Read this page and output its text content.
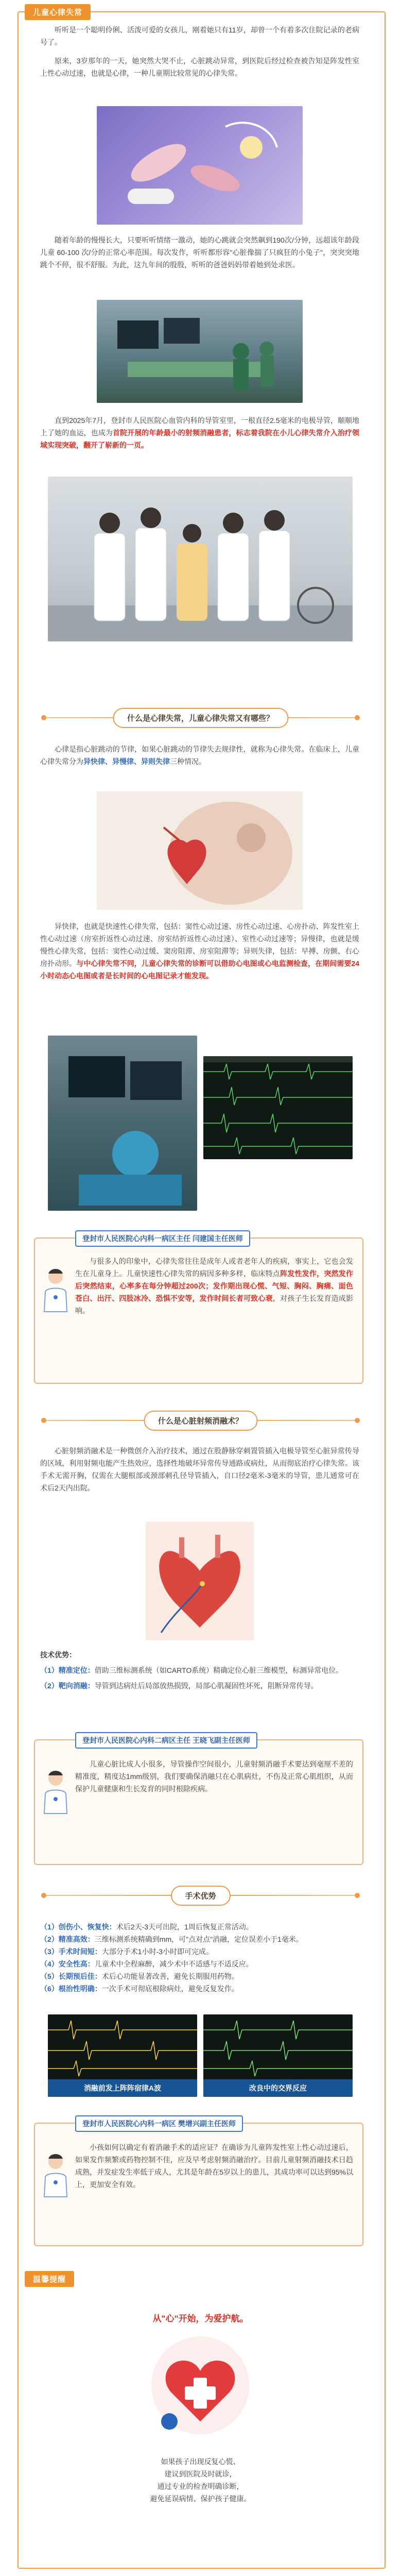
儿童心律失常

听听是一个聪明伶俐、活泼可爱的女孩儿，刚着她只有11岁，却曾一个有着多次住院记录的老病号了。

原来，3岁那年的一天，她突然大哭不止，心脏跳动异常，到医院后经过检查被告知是阵发性室上性心动过速，也就是心律，一种儿童期比较常见的心律失常。

随着年龄的慢慢长大，只要听听情绪一激动，她的心跳就会突然飙到190次/分钟，远超该年龄段儿童 60-100 次/分的正常心率范围。每次发作，听听都形容"心脏像揣了只疯狂的小兔子"，突突突地跳个不停，很不舒服。为此，这九年间的殷殷，听听的爸爸妈妈带着她到处求医。

直到2025年7月，登封市人民医院心血管内科的导管室里，一根直径2.5毫米的电极导管，顺顺地上了她的血运，也成为首院开展的年龄最小的射频消融患者，标志着我院在小儿心律失常介入治疗领域实现突破，翻开了崭新的一页。

什么是心律失常，儿童心律失常又有哪些？

心律是指心脏跳动的节律，如果心脏跳动的节律失去规律性，就称为心律失常。在临床上，儿童心律失常分为异快律、异慢律、异则失律三种情况。

异快律，也就是快速性心律失常，包括：窦性心动过速、房性心动过速、心房扑动、阵发性室上性心动过速（房室折返性心动过速、房室结折返性心动过速）、室性心动过速等；异慢律，也就是缓慢性心律失常，包括：窦性心动过缓、窦房阻滞、房室阻滞等；异则失律，包括：早搏、房颤、右心房扑动形。与中心律失常不同，儿童心律失常的诊断可以借助心电图或心电监测检查，在期间需要24小时动态心电图或者是长时间的心电图记录才能发现。

登封市人民医院心内科一病区主任 闫建国主任医师

与很多人的印象中，心律失常往往是成年人或者老年人的疾病，事实上，它也会发生在儿童身上。儿童快速性心律失常的病因多种多样，临床特点阵发性发作，突然发作后突然结束，心率多在每分钟超过200次；发作期出现心慌、气短、胸闷、胸痛、面色苍白、出汗、四肢冰冷、恐惧不安等，发作时间长者可致心衰，对孩子生长发育造成影响。

什么是心脏射频消融术？

心脏射频消融术是一种微创介入治疗技术，通过在股静脉穿刺置管插入电极导管至心脏异常传导的区域，利用射频电能产生热效应，选择性地破坏异常传导通路或病灶，从而彻底治疗心律失常。该手术无需开胸，仅需在大腿根部或颈部刺孔径导管插入，自口径2毫米-3毫米的导管，患儿通常可在术后2天内出院。

技术优势：
（1）精准定位：借助三维标测系统（如CARTO系统）精确定位心脏三维模型，标测异常电位。
（2）靶向消融：导管到达病灶后局部放热损毁，局部心肌凝固性坏死，阻断异常传导。
登封市人民医院心内科二病区主任 王晓飞副主任医师

儿童心脏比成人小很多，导管操作空间很小，儿童射频消融手术要达到毫厘不差的精准度，精度达1mm级别，我们要确保消融只在心肌病灶，不伤及正常心肌组织，从而保护儿童健康和生长发育的同时根除疾病。

手术优势
（1）创伤小、恢复快：术后2天-3天可出院，1周后恢复正常活动。
（2）精准高效：三维标测系统精确到mm，可"点对点"消融，定位误差小于1毫米。
（3）手术时间短：大部分手术1小时-3小时即可完成。
（4）安全性高：儿童术中全程麻醉，减少术中不适感与不适反应。
（5）长期预后佳：术后心功能显著改善，避免长期服用药物。
（6）根治性明确：一次手术可彻底根除病灶，避免反复发作。
消融前发上阵阵宿律A波	改良中的交界反应
登封市人民医院心内科一病区 樊增兴副主任医师

小孩如何以确定有着消融手术的适应证？在确诊为儿童阵发性室上性心动过速后，如果发作频繁或药物控制不佳，应及早考虑射频消融治疗。目前儿童射频消融技术日趋成熟，并发症发生率低于成人，尤其是年龄在5岁以上的患儿，其成功率可以达到95%以上，更加安全有效。

温馨提醒
从"心"开始，为爱护航。
如果孩子出现反复心慌、
建议到医院及时就诊，
通过专业的检查明确诊断，
避免延误病情、保护孩子健康。
